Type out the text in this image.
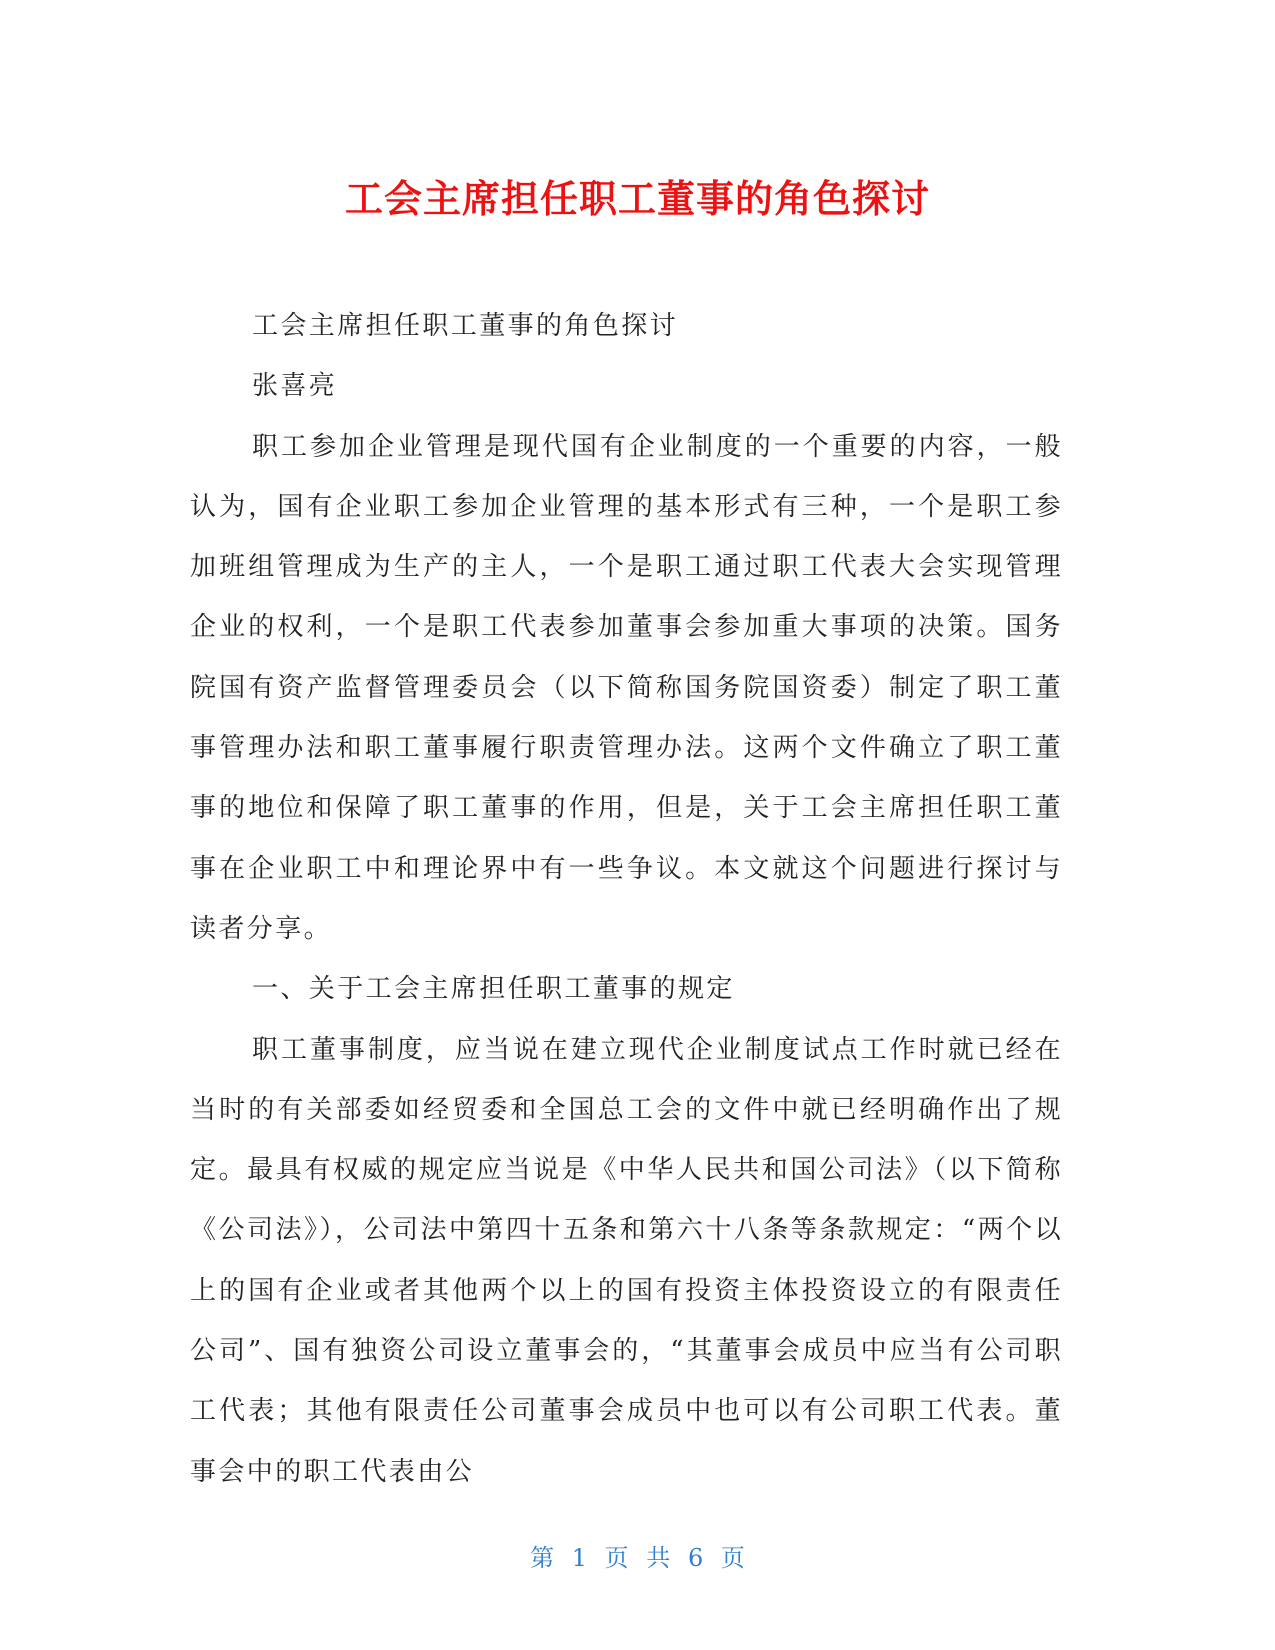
工会主席担任职工董事的角色探讨

工会主席担任职工董事的角色探讨

张喜亮

职工参加企业管理是现代国有企业制度的一个重要的内容，一般认为，国有企业职工参加企业管理的基本形式有三种，一个是职工参加班组管理成为生产的主人，一个是职工通过职工代表大会实现管理企业的权利，一个是职工代表参加董事会参加重大事项的决策。国务院国有资产监督管理委员会（以下简称国务院国资委）制定了职工董事管理办法和职工董事履行职责管理办法。这两个文件确立了职工董事的地位和保障了职工董事的作用，但是，关于工会主席担任职工董事在企业职工中和理论界中有一些争议。本文就这个问题进行探讨与读者分享。

一、关于工会主席担任职工董事的规定

职工董事制度，应当说在建立现代企业制度试点工作时就已经在当时的有关部委如经贸委和全国总工会的文件中就已经明确作出了规定。最具有权威的规定应当说是《中华人民共和国公司法》（以下简称《公司法》），公司法中第四十五条和第六十八条等条款规定：“两个以上的国有企业或者其他两个以上的国有投资主体投资设立的有限责任公司”、国有独资公司设立董事会的，“其董事会成员中应当有公司职工代表；其他有限责任公司董事会成员中也可以有公司职工代表。董事会中的职工代表由公

第 1 页 共 6 页
